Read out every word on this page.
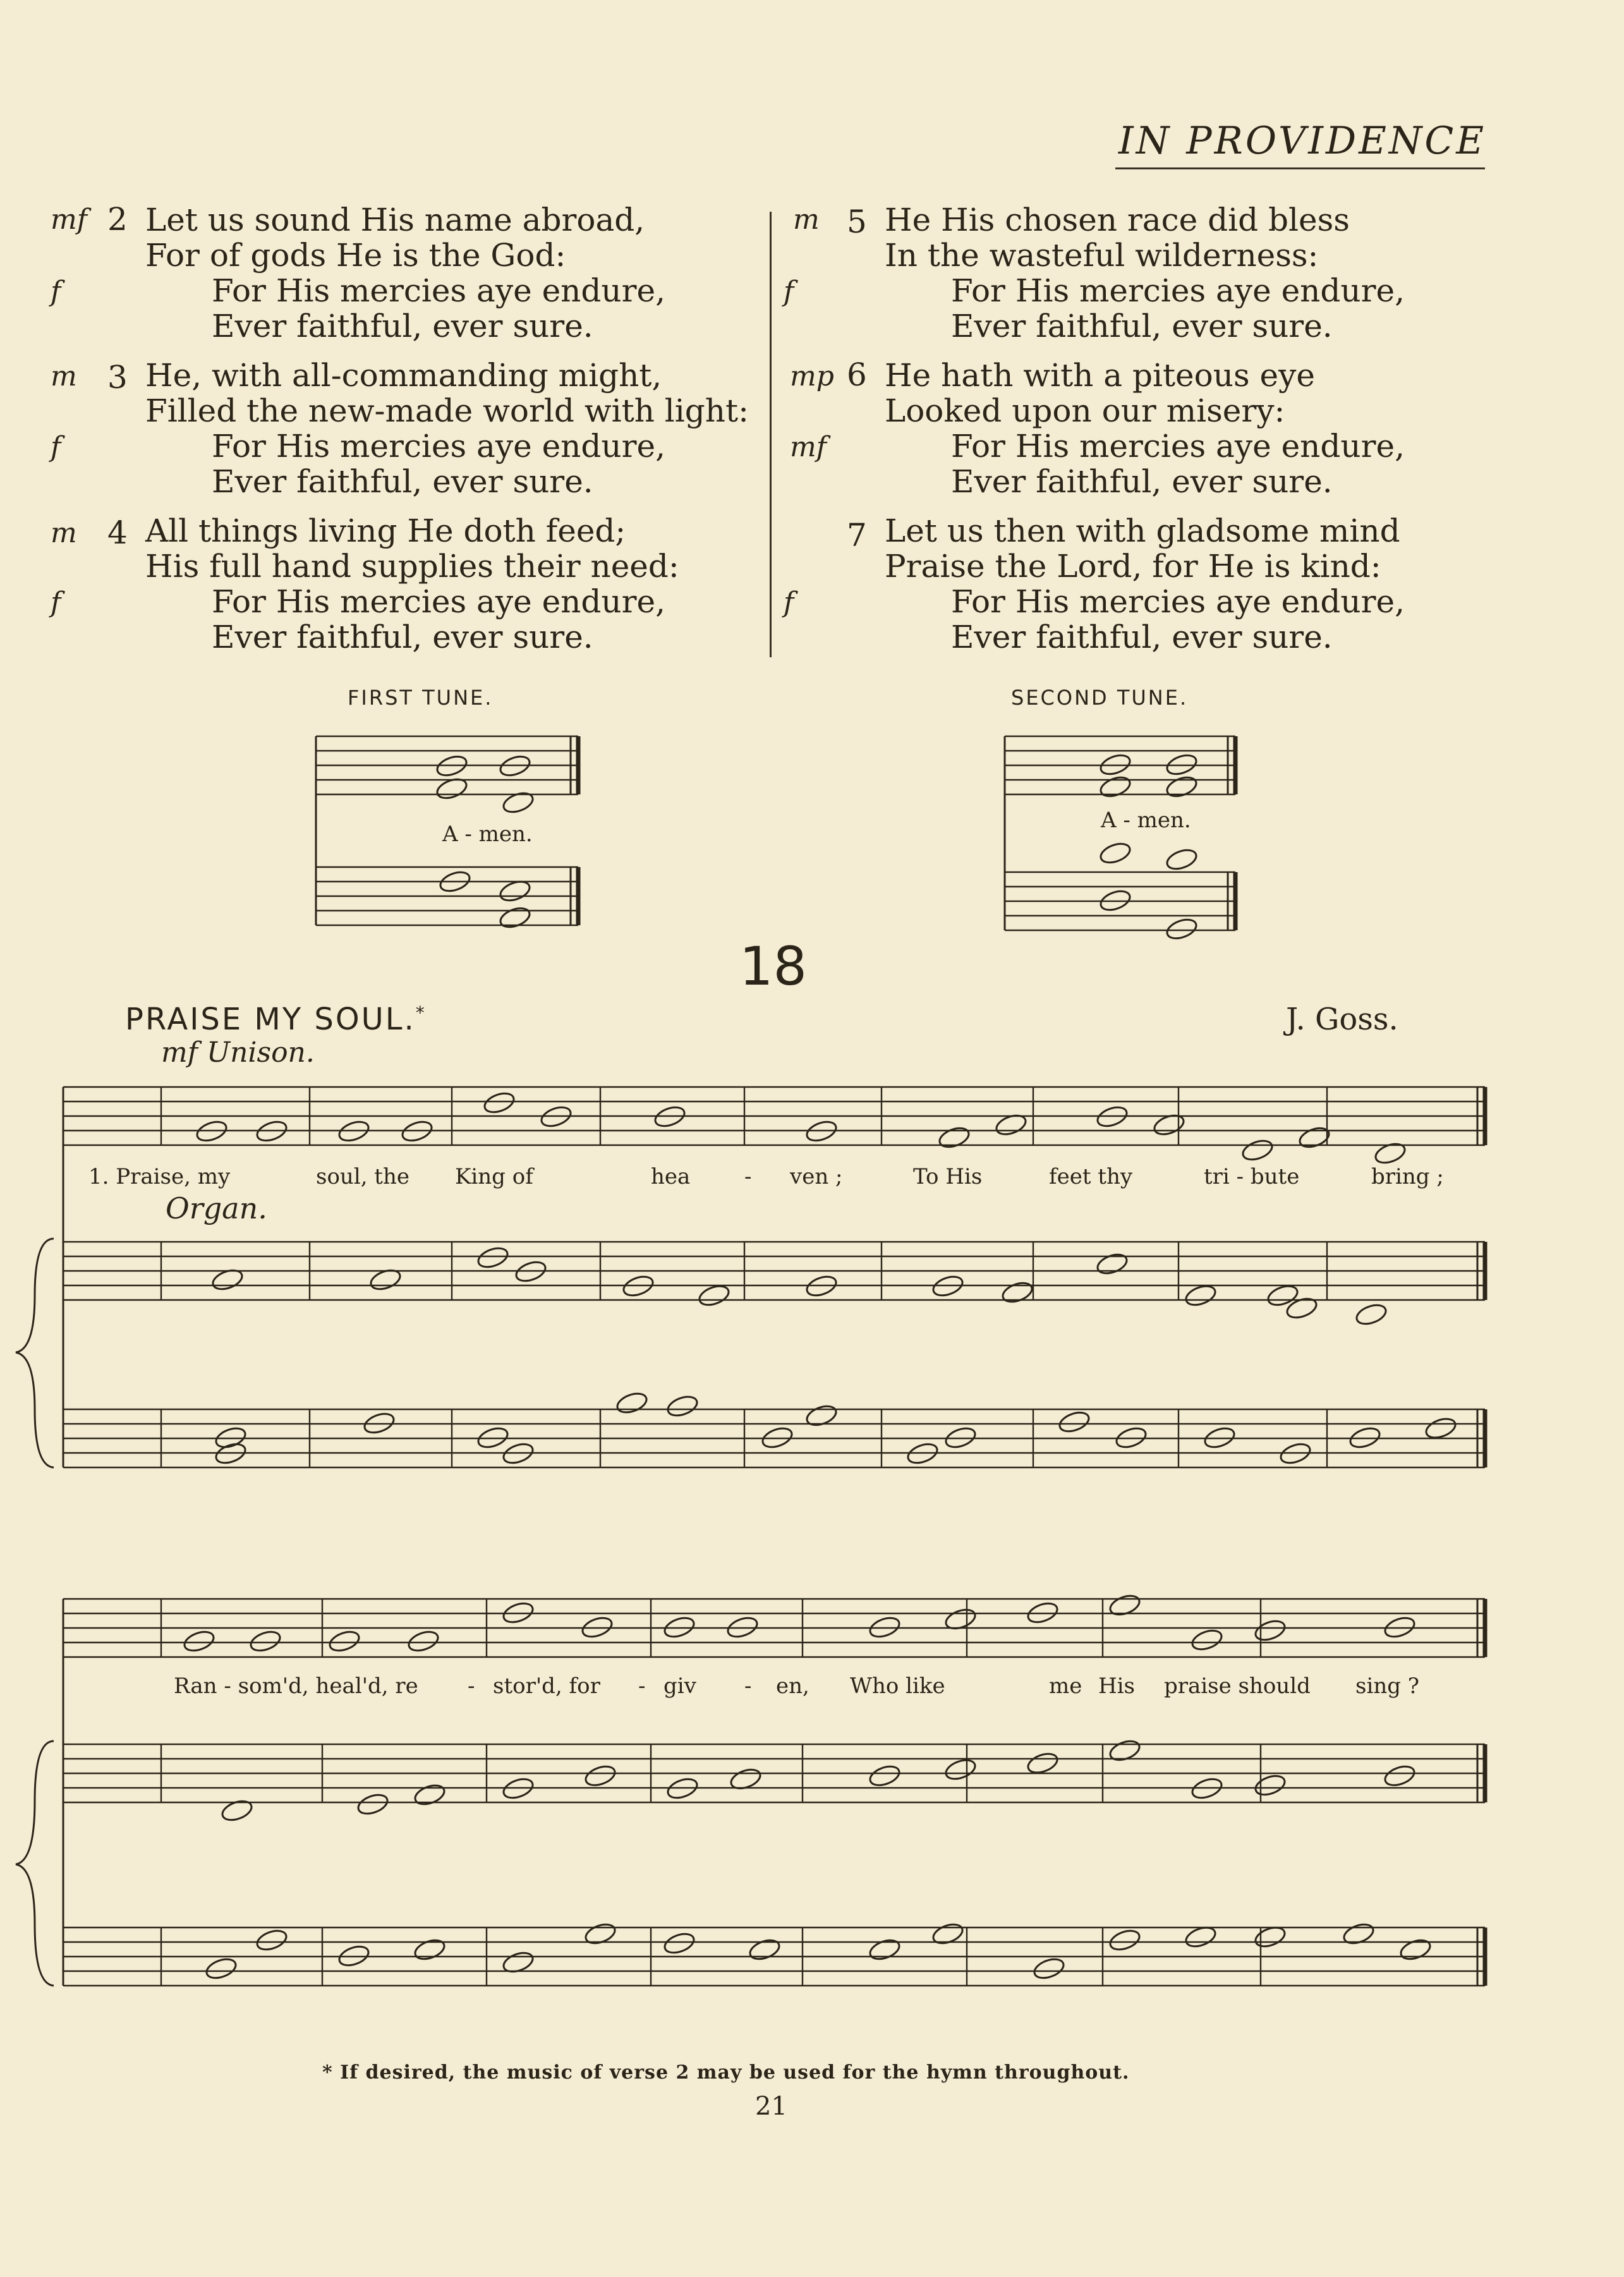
IN PROVIDENCE
mf 2 Let us sound His name abroad,
For of gods He is the God:
f	For His mercies aye endure,
Ever faithful, ever sure.
m 3 He, with all-commanding might,
Filled the new-made world with light:
f	For His mercies aye endure,
Ever faithful, ever sure.
m 4 All things living He doth feed;
His full hand supplies their need:
f	For His mercies aye endure,
Ever faithful, ever sure.
m 5 He His chosen race did bless
In the wasteful wilderness:
f	For His mercies aye endure,
Ever faithful, ever sure.
mp 6 He hath with a piteous eye
Looked upon our misery:
mf	For His mercies aye endure,
Ever faithful, ever sure.
7 Let us then with gladsome mind
Praise the Lord, for He is kind:
f	For His mercies aye endure,
Ever faithful, ever sure.
FIRST TUNE.	SECOND TUNE.
A - men.
A - men.
18
PRAISE MY SOUL.*	J. Goss.
mf Unison.
Organ.
1. Praise, my	soul, the King of	hea	- ven ;	To His	feet thy	tri - bute	bring ;
Ran - som'd, heal'd, re - stor'd, for - giv - en, Who like	me His praise should sing ?
* If desired, the music of verse 2 may be used for the hymn throughout.
21
